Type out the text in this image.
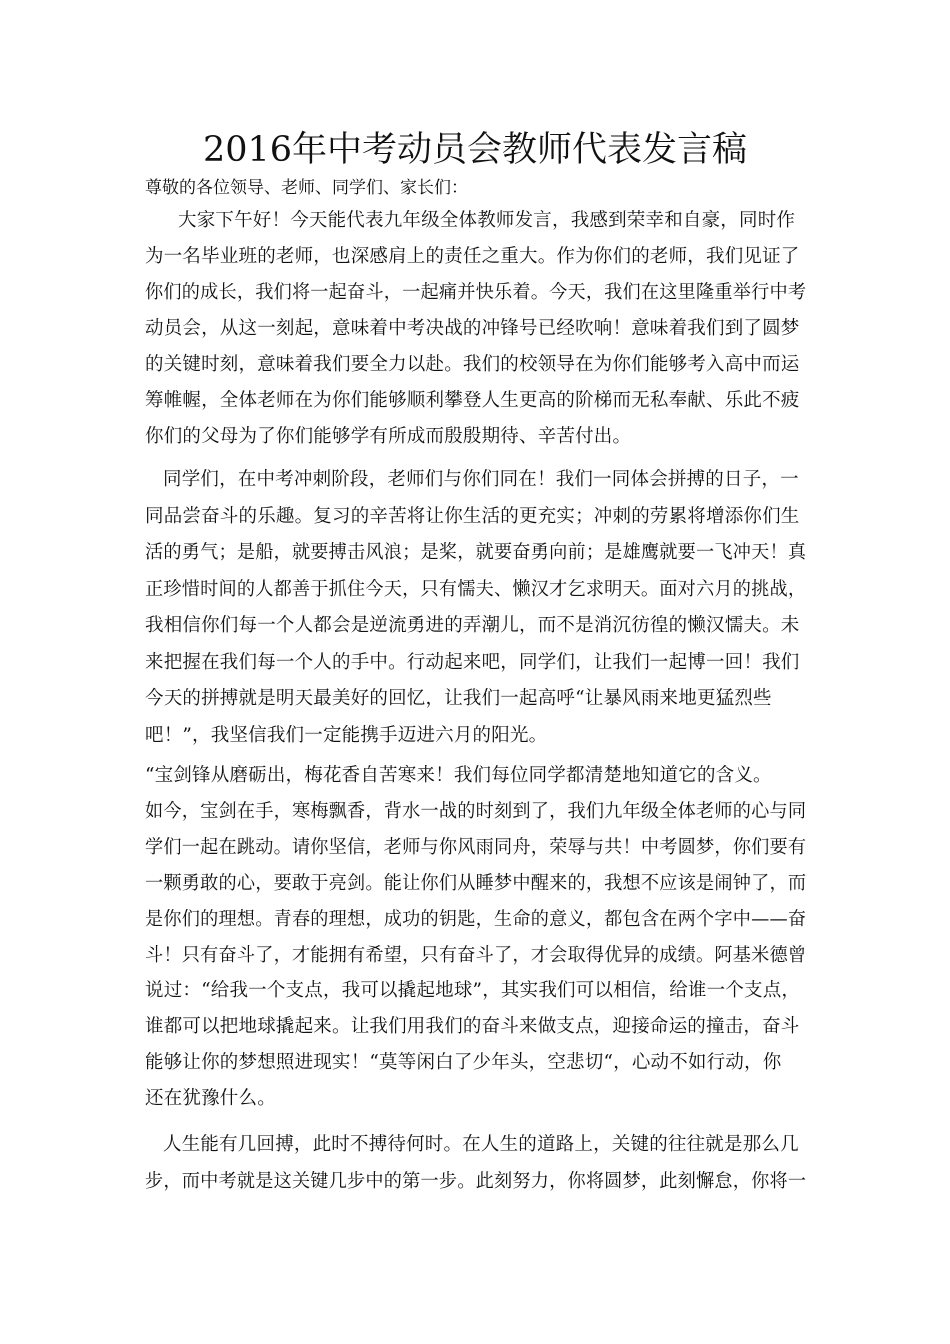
2016年中考动员会教师代表发言稿
尊敬的各位领导、老师、同学们、家长们：
大家下午好！今天能代表九年级全体教师发言，我感到荣幸和自豪，同时作
为一名毕业班的老师，也深感肩上的责任之重大。作为你们的老师，我们见证了
你们的成长，我们将一起奋斗，一起痛并快乐着。今天，我们在这里隆重举行中考
动员会，从这一刻起，意味着中考决战的冲锋号已经吹响！意味着我们到了圆梦
的关键时刻，意味着我们要全力以赴。我们的校领导在为你们能够考入高中而运
筹帷幄，全体老师在为你们能够顺利攀登人生更高的阶梯而无私奉献、乐此不疲
你们的父母为了你们能够学有所成而殷殷期待、辛苦付出。
同学们，在中考冲刺阶段，老师们与你们同在！我们一同体会拼搏的日子，一
同品尝奋斗的乐趣。复习的辛苦将让你生活的更充实；冲刺的劳累将增添你们生
活的勇气；是船，就要搏击风浪；是桨，就要奋勇向前；是雄鹰就要一飞冲天！真
正珍惜时间的人都善于抓住今天，只有懦夫、懒汉才乞求明天。面对六月的挑战，
我相信你们每一个人都会是逆流勇进的弄潮儿，而不是消沉彷徨的懒汉懦夫。未
来把握在我们每一个人的手中。行动起来吧，同学们，让我们一起博一回！我们
今天的拼搏就是明天最美好的回忆，让我们一起高呼“让暴风雨来地更猛烈些
吧！”，我坚信我们一定能携手迈进六月的阳光。
“宝剑锋从磨砺出，梅花香自苦寒来！我们每位同学都清楚地知道它的含义。
如今，宝剑在手，寒梅飘香，背水一战的时刻到了，我们九年级全体老师的心与同
学们一起在跳动。请你坚信，老师与你风雨同舟，荣辱与共！中考圆梦，你们要有
一颗勇敢的心，要敢于亮剑。能让你们从睡梦中醒来的，我想不应该是闹钟了，而
是你们的理想。青春的理想，成功的钥匙，生命的意义，都包含在两个字中——奋
斗！只有奋斗了，才能拥有希望，只有奋斗了，才会取得优异的成绩。阿基米德曾
说过：“给我一个支点，我可以撬起地球”，其实我们可以相信，给谁一个支点，
谁都可以把地球撬起来。让我们用我们的奋斗来做支点，迎接命运的撞击，奋斗
能够让你的梦想照进现实！“莫等闲白了少年头，空悲切“，心动不如行动，你
还在犹豫什么。
人生能有几回搏，此时不搏待何时。在人生的道路上，关键的往往就是那么几
步，而中考就是这关键几步中的第一步。此刻努力，你将圆梦，此刻懈怠，你将一
